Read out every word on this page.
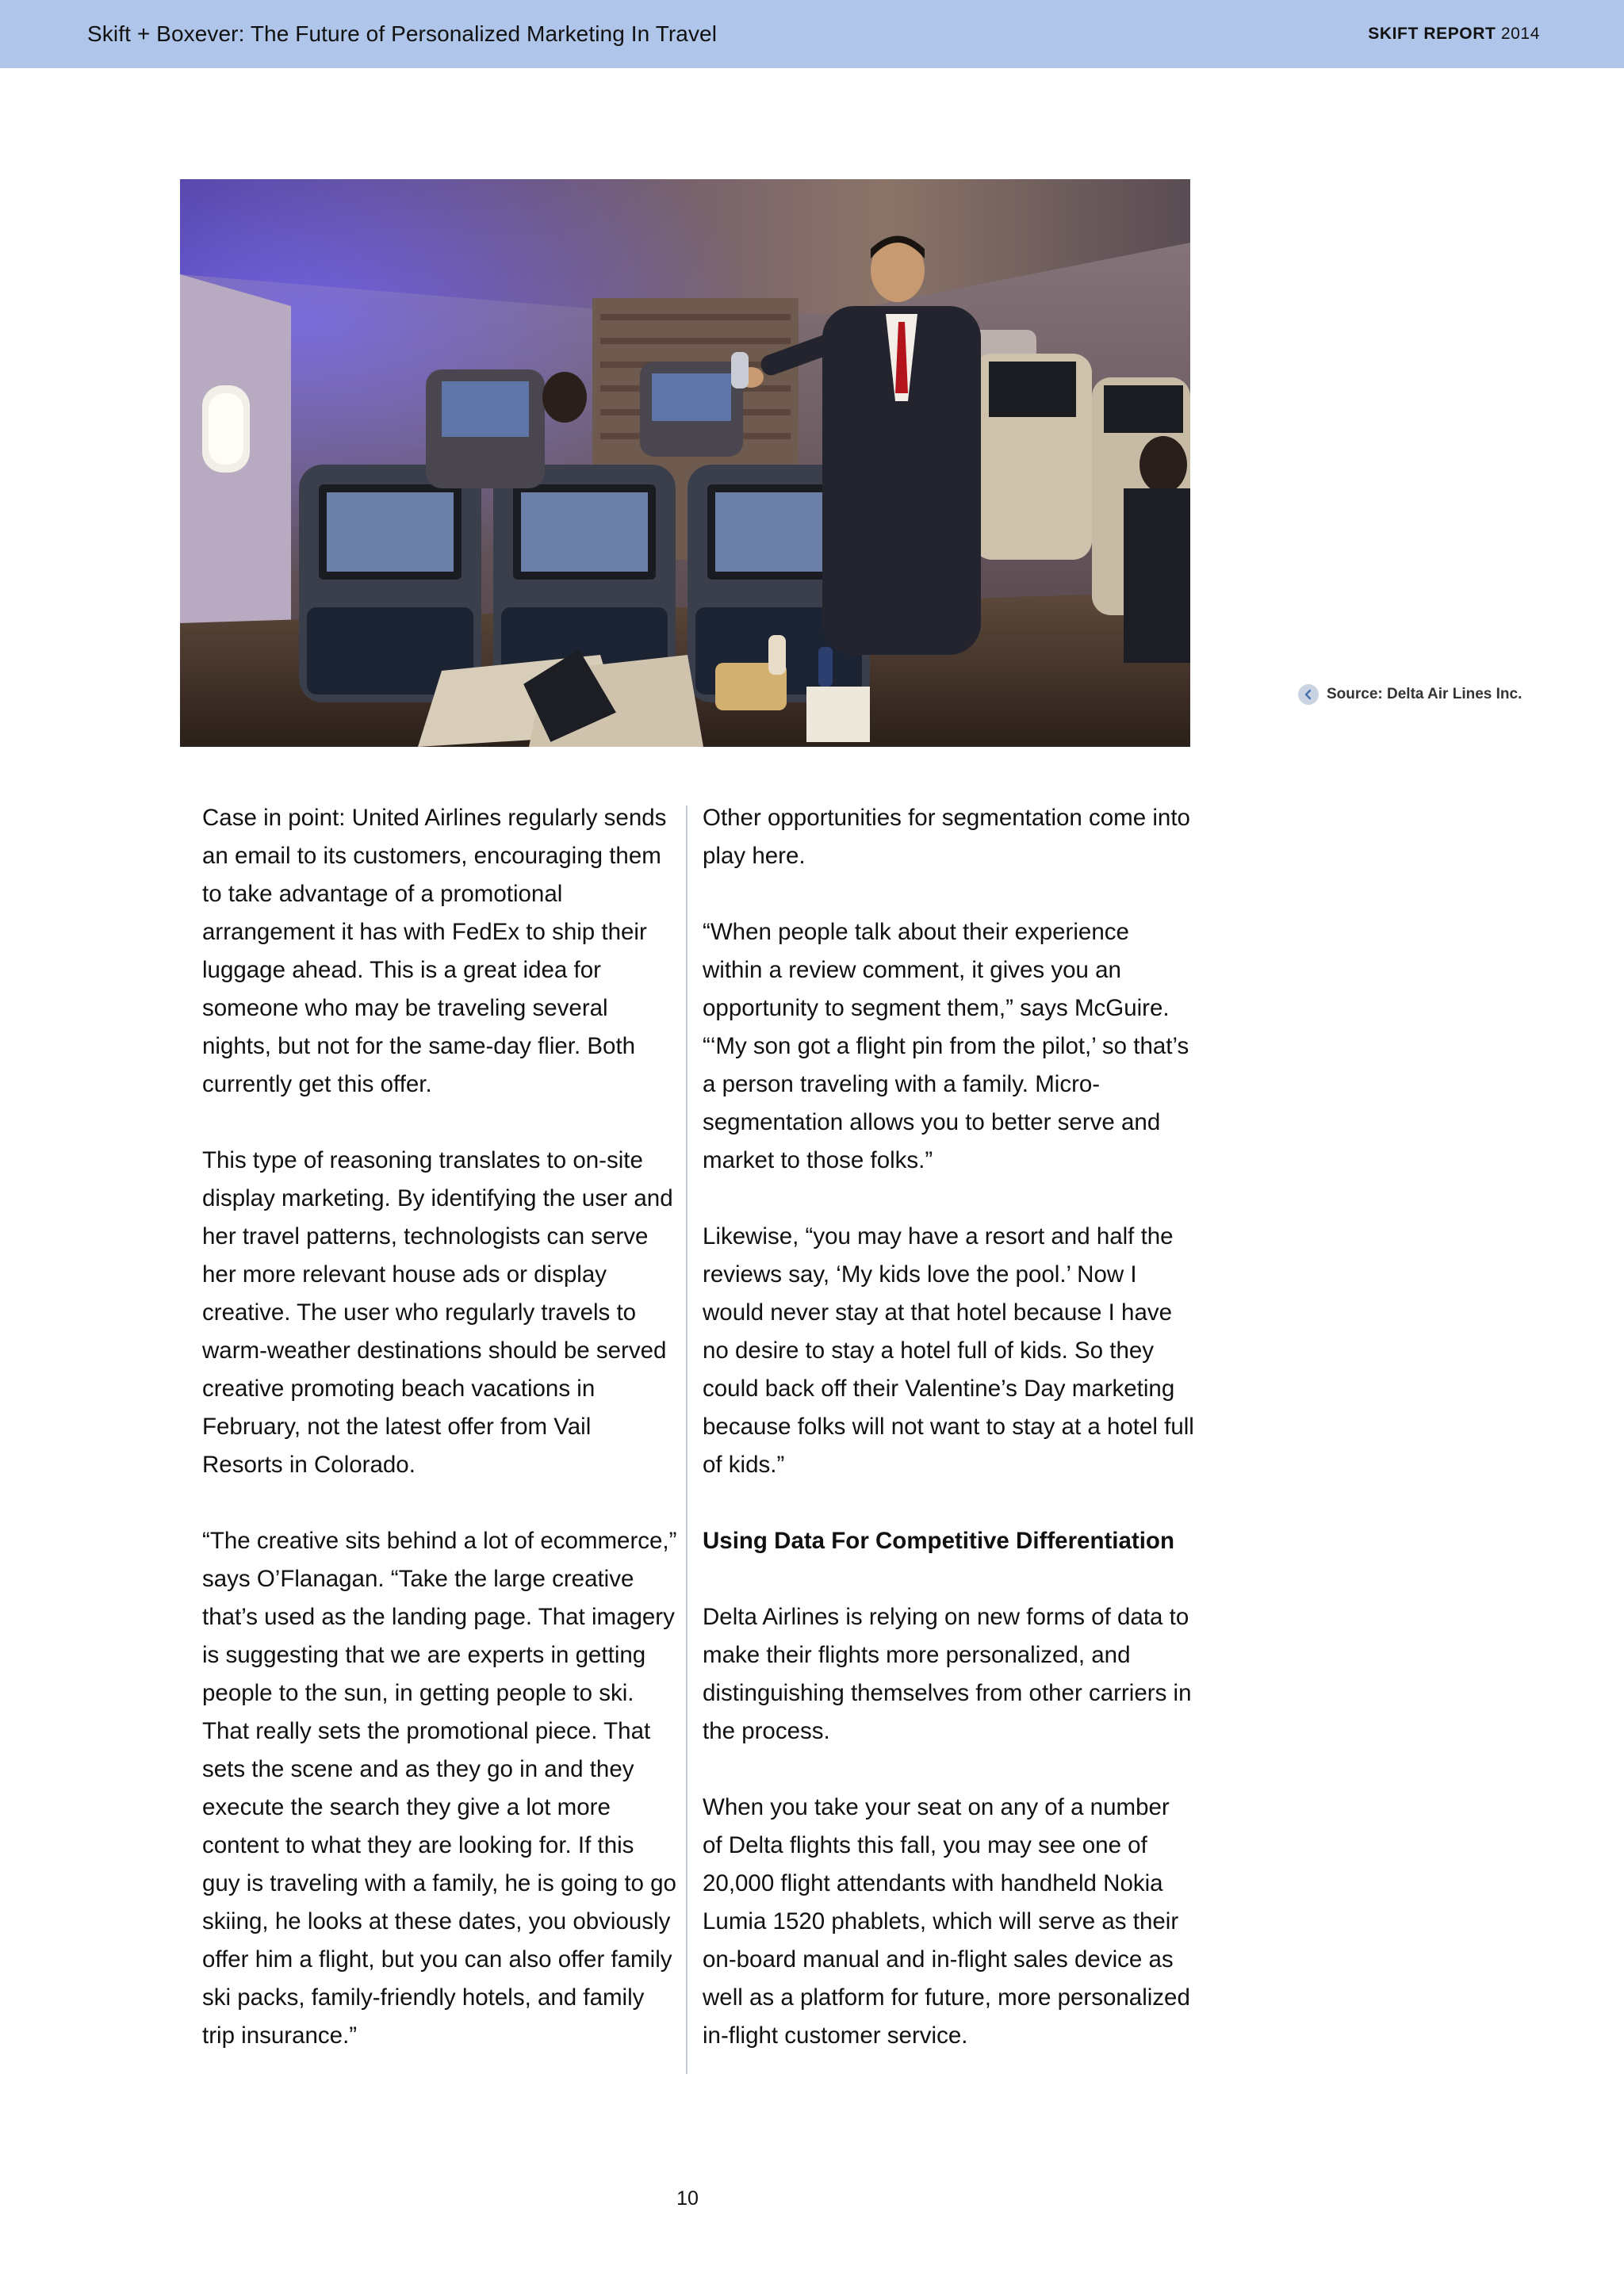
Skift + Boxever: The Future of Personalized Marketing In Travel	SKIFT REPORT 2014
Source: Delta Air Lines Inc.

Case in point: United Airlines regularly sends an email to its customers, encouraging them to take advantage of a promotional arrangement it has with FedEx to ship their luggage ahead. This is a great idea for someone who may be traveling several nights, but not for the same-day flier. Both currently get this offer.

This type of reasoning translates to on-site display marketing. By identifying the user and her travel patterns, technologists can serve her more relevant house ads or display creative. The user who regularly travels to warm-weather destinations should be served creative promoting beach vacations in February, not the latest offer from Vail Resorts in Colorado.

“The creative sits behind a lot of ecommerce,” says O’Flanagan. “Take the large creative that’s used as the landing page. That imagery is suggesting that we are experts in getting people to the sun, in getting people to ski. That really sets the promotional piece. That sets the scene and as they go in and they execute the search they give a lot more content to what they are looking for. If this guy is traveling with a family, he is going to go skiing, he looks at these dates, you obviously offer him a flight, but you can also offer family ski packs, family-friendly hotels, and family trip insurance.”

Other opportunities for segmentation come into play here.

“When people talk about their experience within a review comment, it gives you an opportunity to segment them,” says McGuire. “‘My son got a flight pin from the pilot,’ so that’s a person traveling with a family. Micro-segmentation allows you to better serve and market to those folks.”

Likewise, “you may have a resort and half the reviews say, ‘My kids love the pool.’ Now I would never stay at that hotel because I have no desire to stay a hotel full of kids. So they could back off their Valentine’s Day marketing because folks will not want to stay at a hotel full of kids.”

Using Data For Competitive Differentiation

Delta Airlines is relying on new forms of data to make their flights more personalized, and distinguishing themselves from other carriers in the process.

When you take your seat on any of a number of Delta flights this fall, you may see one of 20,000 flight attendants with handheld Nokia Lumia 1520 phablets, which will serve as their on-board manual and in-flight sales device as well as a platform for future, more personalized in-flight customer service.

10
